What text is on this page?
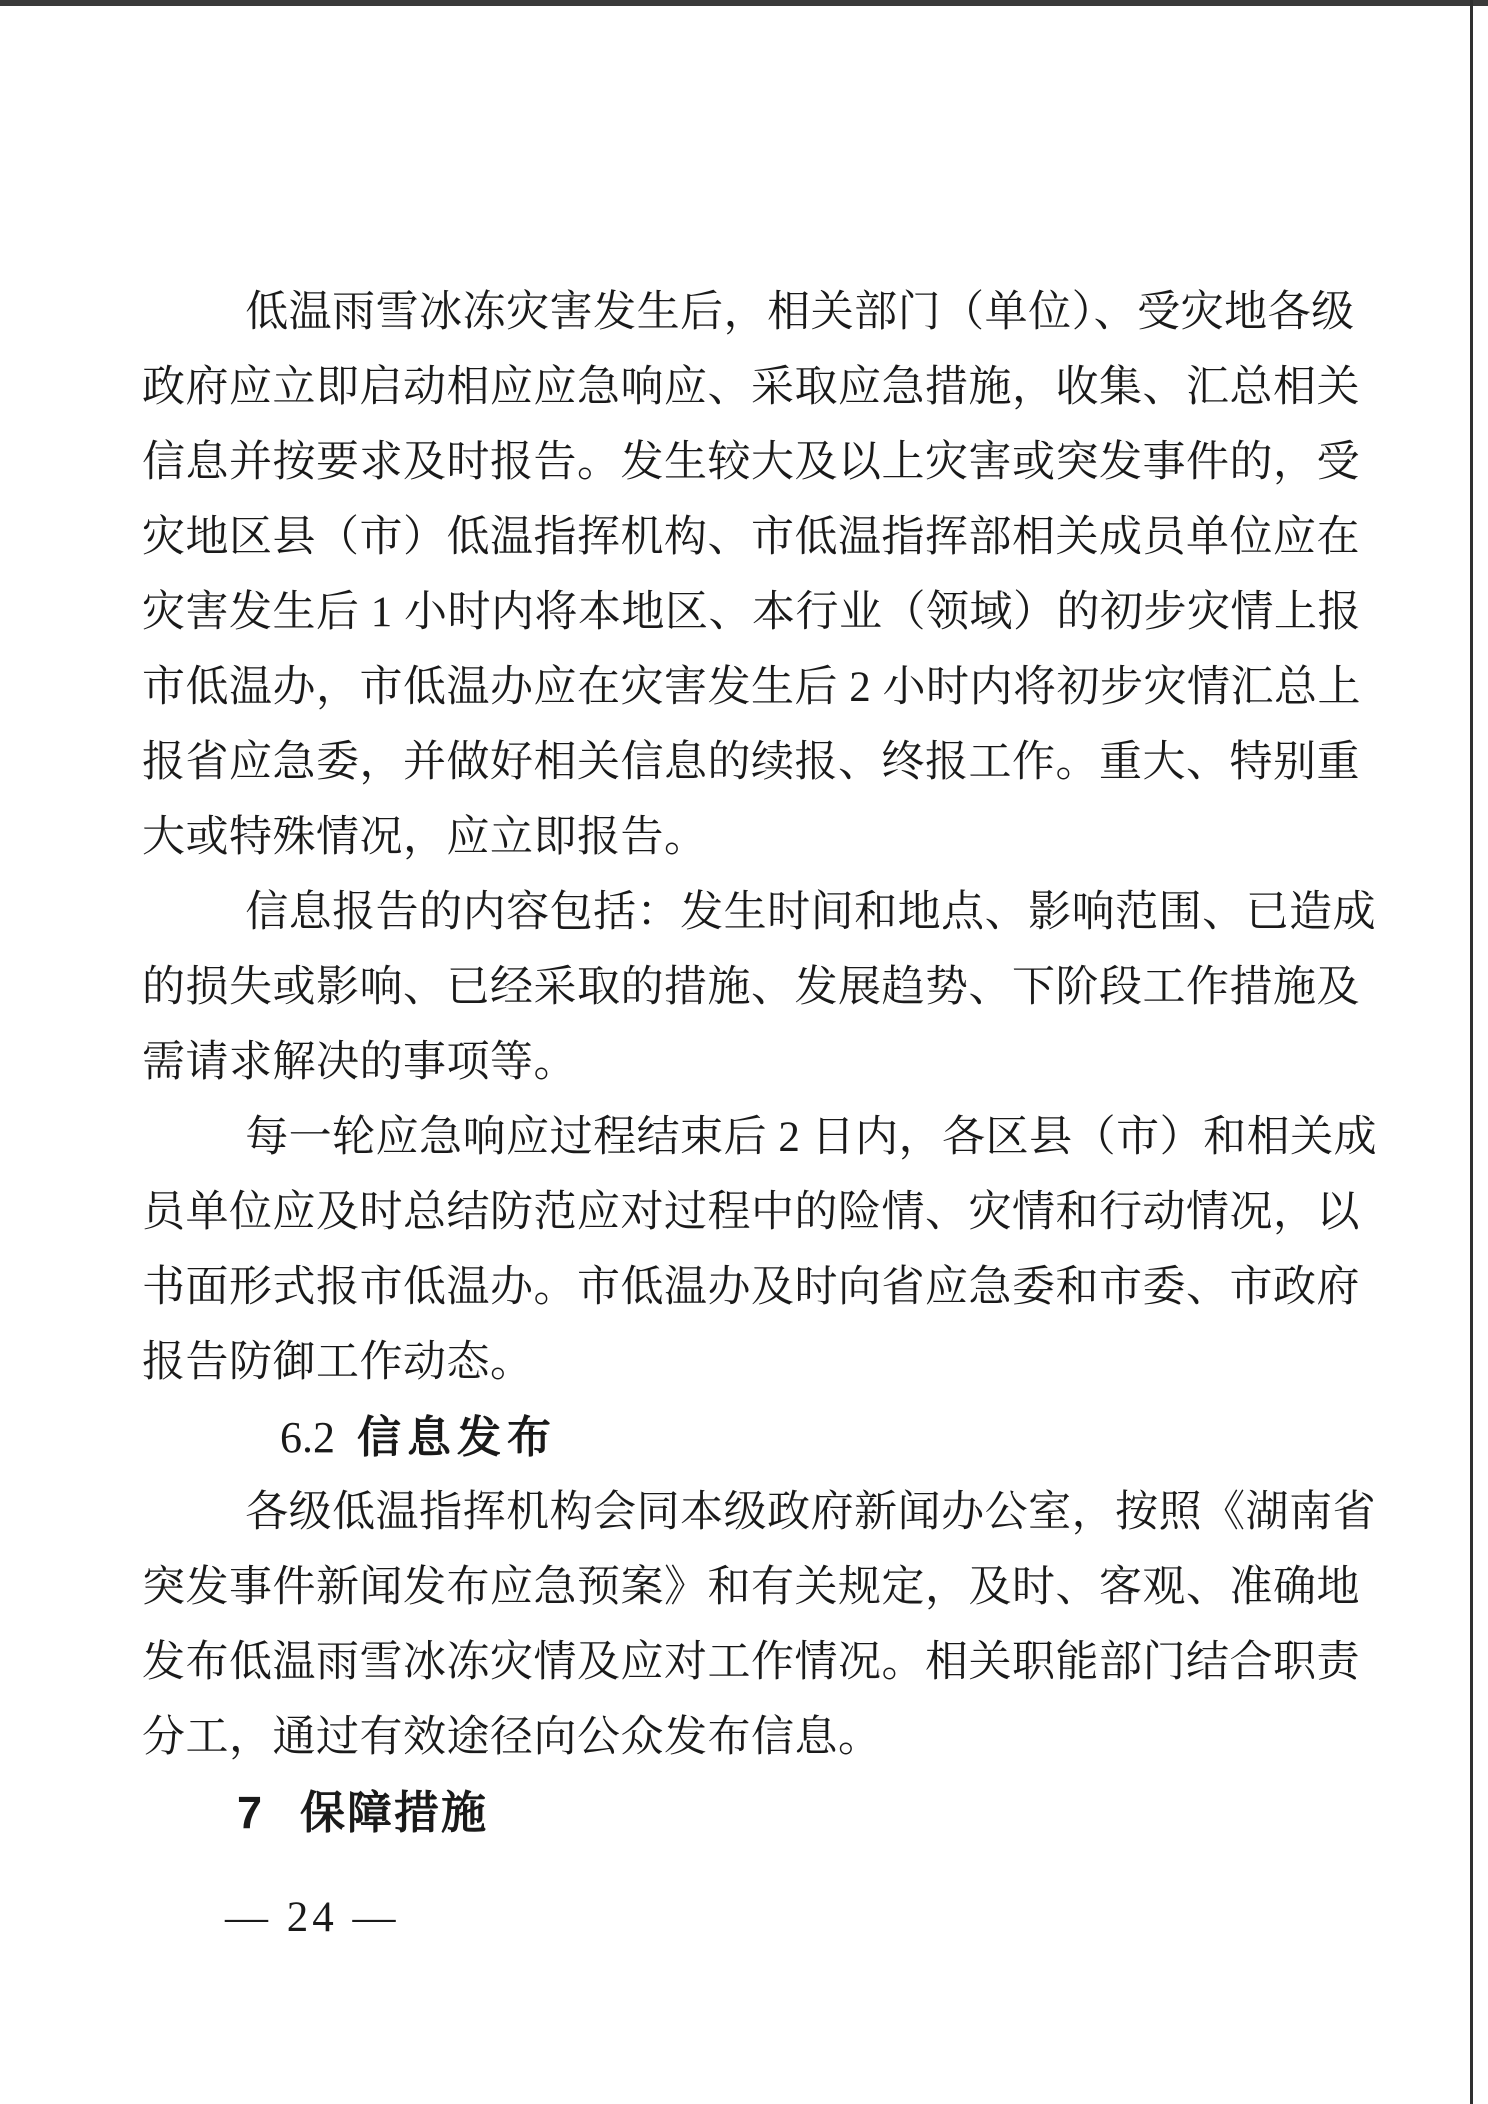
低温雨雪冰冻灾害发生后，相关部门（单位）、受灾地各级
政府应立即启动相应应急响应、采取应急措施，收集、汇总相关
信息并按要求及时报告。发生较大及以上灾害或突发事件的，受
灾地区县（市）低温指挥机构、市低温指挥部相关成员单位应在
灾害发生后 1 小时内将本地区、本行业（领域）的初步灾情上报
市低温办，市低温办应在灾害发生后 2 小时内将初步灾情汇总上
报省应急委，并做好相关信息的续报、终报工作。重大、特别重
大或特殊情况，应立即报告。
信息报告的内容包括：发生时间和地点、影响范围、已造成
的损失或影响、已经采取的措施、发展趋势、下阶段工作措施及
需请求解决的事项等。
每一轮应急响应过程结束后 2 日内，各区县（市）和相关成
员单位应及时总结防范应对过程中的险情、灾情和行动情况，以
书面形式报市低温办。市低温办及时向省应急委和市委、市政府
报告防御工作动态。
6.2 信息发布
各级低温指挥机构会同本级政府新闻办公室，按照《湖南省
突发事件新闻发布应急预案》和有关规定，及时、客观、准确地
发布低温雨雪冰冻灾情及应对工作情况。相关职能部门结合职责
分工，通过有效途径向公众发布信息。
7 保障措施
— 24 —
